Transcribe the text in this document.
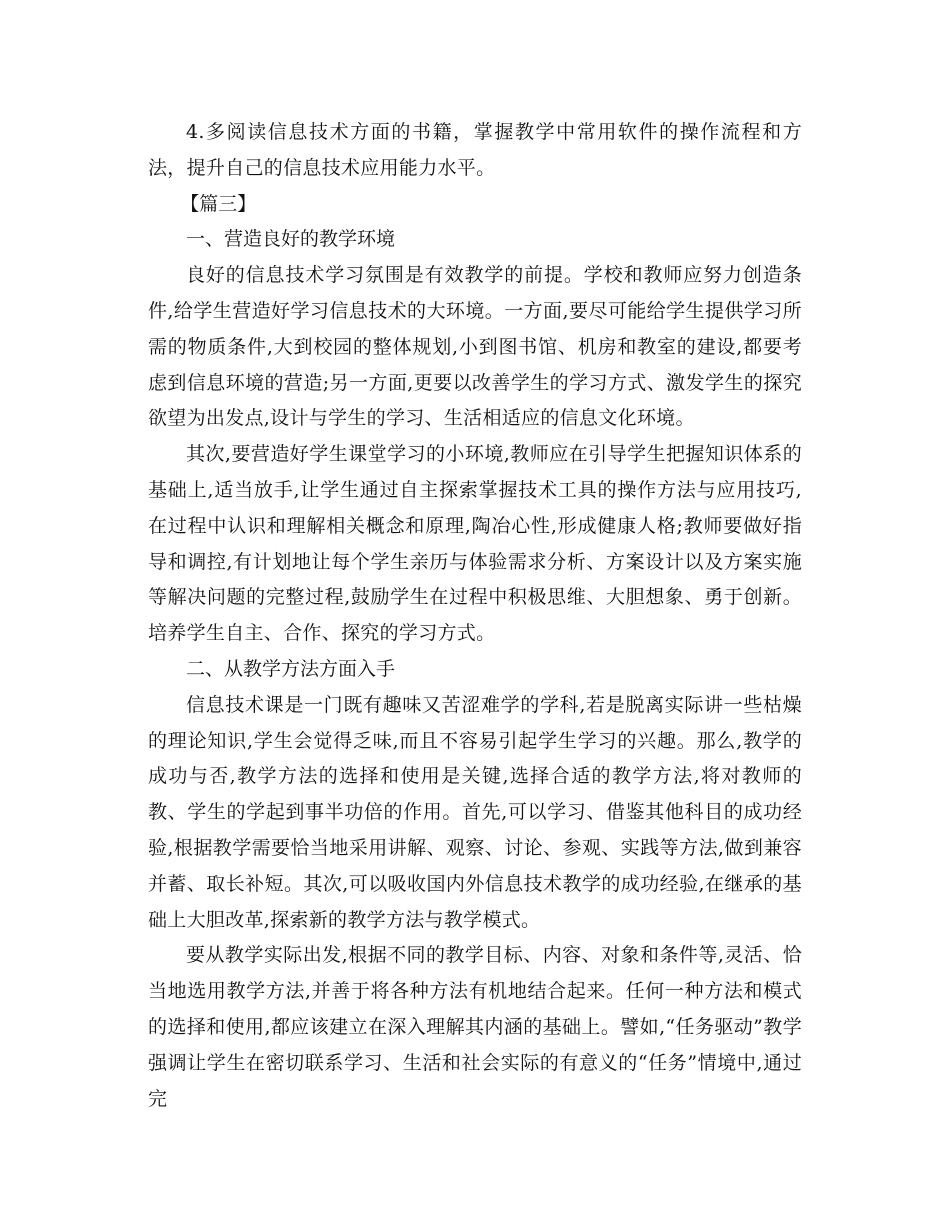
4.多阅读信息技术方面的书籍，掌握教学中常用软件的操作流程和方法，提升自己的信息技术应用能力水平。

【篇三】

一、营造良好的教学环境

良好的信息技术学习氛围是有效教学的前提。学校和教师应努力创造条件,给学生营造好学习信息技术的大环境。一方面,要尽可能给学生提供学习所需的物质条件,大到校园的整体规划,小到图书馆、机房和教室的建设,都要考虑到信息环境的营造;另一方面,更要以改善学生的学习方式、激发学生的探究欲望为出发点,设计与学生的学习、生活相适应的信息文化环境。

其次,要营造好学生课堂学习的小环境,教师应在引导学生把握知识体系的基础上,适当放手,让学生通过自主探索掌握技术工具的操作方法与应用技巧,在过程中认识和理解相关概念和原理,陶冶心性,形成健康人格;教师要做好指导和调控,有计划地让每个学生亲历与体验需求分析、方案设计以及方案实施等解决问题的完整过程,鼓励学生在过程中积极思维、大胆想象、勇于创新。培养学生自主、合作、探究的学习方式。

二、从教学方法方面入手

信息技术课是一门既有趣味又苦涩难学的学科,若是脱离实际讲一些枯燥的理论知识,学生会觉得乏味,而且不容易引起学生学习的兴趣。那么,教学的成功与否,教学方法的选择和使用是关键,选择合适的教学方法,将对教师的教、学生的学起到事半功倍的作用。首先,可以学习、借鉴其他科目的成功经验,根据教学需要恰当地采用讲解、观察、讨论、参观、实践等方法,做到兼容并蓄、取长补短。其次,可以吸收国内外信息技术教学的成功经验,在继承的基础上大胆改革,探索新的教学方法与教学模式。

要从教学实际出发,根据不同的教学目标、内容、对象和条件等,灵活、恰当地选用教学方法,并善于将各种方法有机地结合起来。任何一种方法和模式的选择和使用,都应该建立在深入理解其内涵的基础上。譬如,“任务驱动”教学强调让学生在密切联系学习、生活和社会实际的有意义的“任务”情境中,通过完
